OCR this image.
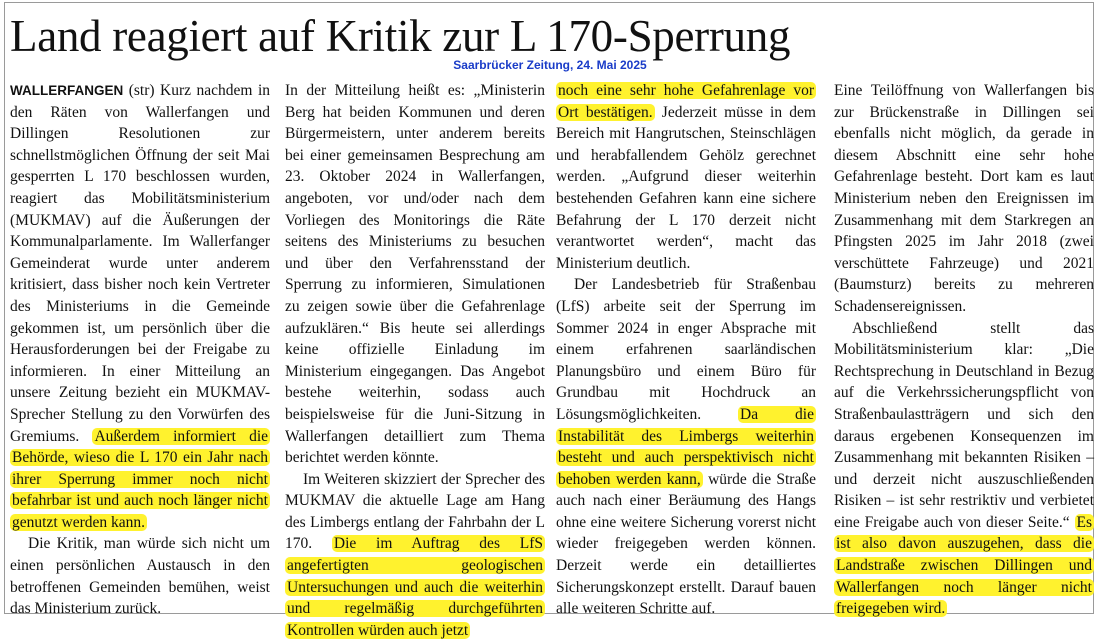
Land reagiert auf Kritik zur L 170-Sperrung
Saarbrücker Zeitung, 24. Mai 2025

WALLERFANGEN (str) Kurz nachdem in den Räten von Wallerfangen und Dillingen Resolutionen zur schnellstmöglichen Öffnung der seit Mai gesperrten L 170 beschlossen wurden, reagiert das Mobilitätsministerium (MUKMAV) auf die Äußerungen der Kommunalparlamente. Im Wallerfanger Gemeinderat wurde unter anderem kritisiert, dass bisher noch kein Vertreter des Ministeriums in die Gemeinde gekommen ist, um persönlich über die Herausforderungen bei der Freigabe zu informieren. In einer Mitteilung an unsere Zeitung bezieht ein MUKMAV-Sprecher Stellung zu den Vorwürfen des Gremiums. Außerdem informiert die Behörde, wieso die L 170 ein Jahr nach ihrer Sperrung immer noch nicht befahrbar ist und auch noch länger nicht genutzt werden kann.

Die Kritik, man würde sich nicht um einen persönlichen Austausch in den betroffenen Gemeinden bemühen, weist das Ministerium zurück.

In der Mitteilung heißt es: „Ministerin Berg hat beiden Kommunen und deren Bürgermeistern, unter anderem bereits bei einer gemeinsamen Besprechung am 23. Oktober 2024 in Wallerfangen, angeboten, vor und/oder nach dem Vorliegen des Monitorings die Räte seitens des Ministeriums zu besuchen und über den Verfahrensstand der Sperrung zu informieren, Simulationen zu zeigen sowie über die Gefahrenlage aufzuklären.“ Bis heute sei allerdings keine offizielle Einladung im Ministerium eingegangen. Das Angebot bestehe weiterhin, sodass auch beispielsweise für die Juni-Sitzung in Wallerfangen detailliert zum Thema berichtet werden könnte.

Im Weiteren skizziert der Sprecher des MUKMAV die aktuelle Lage am Hang des Limbergs entlang der Fahrbahn der L 170. Die im Auftrag des LfS angefertigten geologischen Untersuchungen und auch die weiterhin und regelmäßig durchgeführten Kontrollen würden auch jetzt

noch eine sehr hohe Gefahrenlage vor Ort bestätigen. Jederzeit müsse in dem Bereich mit Hangrutschen, Steinschlägen und herabfallendem Gehölz gerechnet werden. „Aufgrund dieser weiterhin bestehenden Gefahren kann eine sichere Befahrung der L 170 derzeit nicht verantwortet werden“, macht das Ministerium deutlich.

Der Landesbetrieb für Straßenbau (LfS) arbeite seit der Sperrung im Sommer 2024 in enger Absprache mit einem erfahrenen saarländischen Planungsbüro und einem Büro für Grundbau mit Hochdruck an Lösungsmöglichkeiten. Da die Instabilität des Limbergs weiterhin besteht und auch perspektivisch nicht behoben werden kann, würde die Straße auch nach einer Beräumung des Hangs ohne eine weitere Sicherung vorerst nicht wieder freigegeben werden können. Derzeit werde ein detailliertes Sicherungskonzept erstellt. Darauf bauen alle weiteren Schritte auf.

Eine Teilöffnung von Wallerfangen bis zur Brückenstraße in Dillingen sei ebenfalls nicht möglich, da gerade in diesem Abschnitt eine sehr hohe Gefahrenlage besteht. Dort kam es laut Ministerium neben den Ereignissen im Zusammenhang mit dem Starkregen an Pfingsten 2025 im Jahr 2018 (zwei verschüttete Fahrzeuge) und 2021 (Baumsturz) bereits zu mehreren Schadensereignissen.

Abschließend stellt das Mobilitätsministerium klar: „Die Rechtsprechung in Deutschland in Bezug auf die Verkehrssicherungspflicht von Straßenbaulastträgern und sich den daraus ergebenen Konsequenzen im Zusammenhang mit bekannten Risiken – und derzeit nicht auszuschließenden Risiken – ist sehr restriktiv und verbietet eine Freigabe auch von dieser Seite.“ Es ist also davon auszugehen, dass die Landstraße zwischen Dillingen und Wallerfangen noch länger nicht freigegeben wird.
